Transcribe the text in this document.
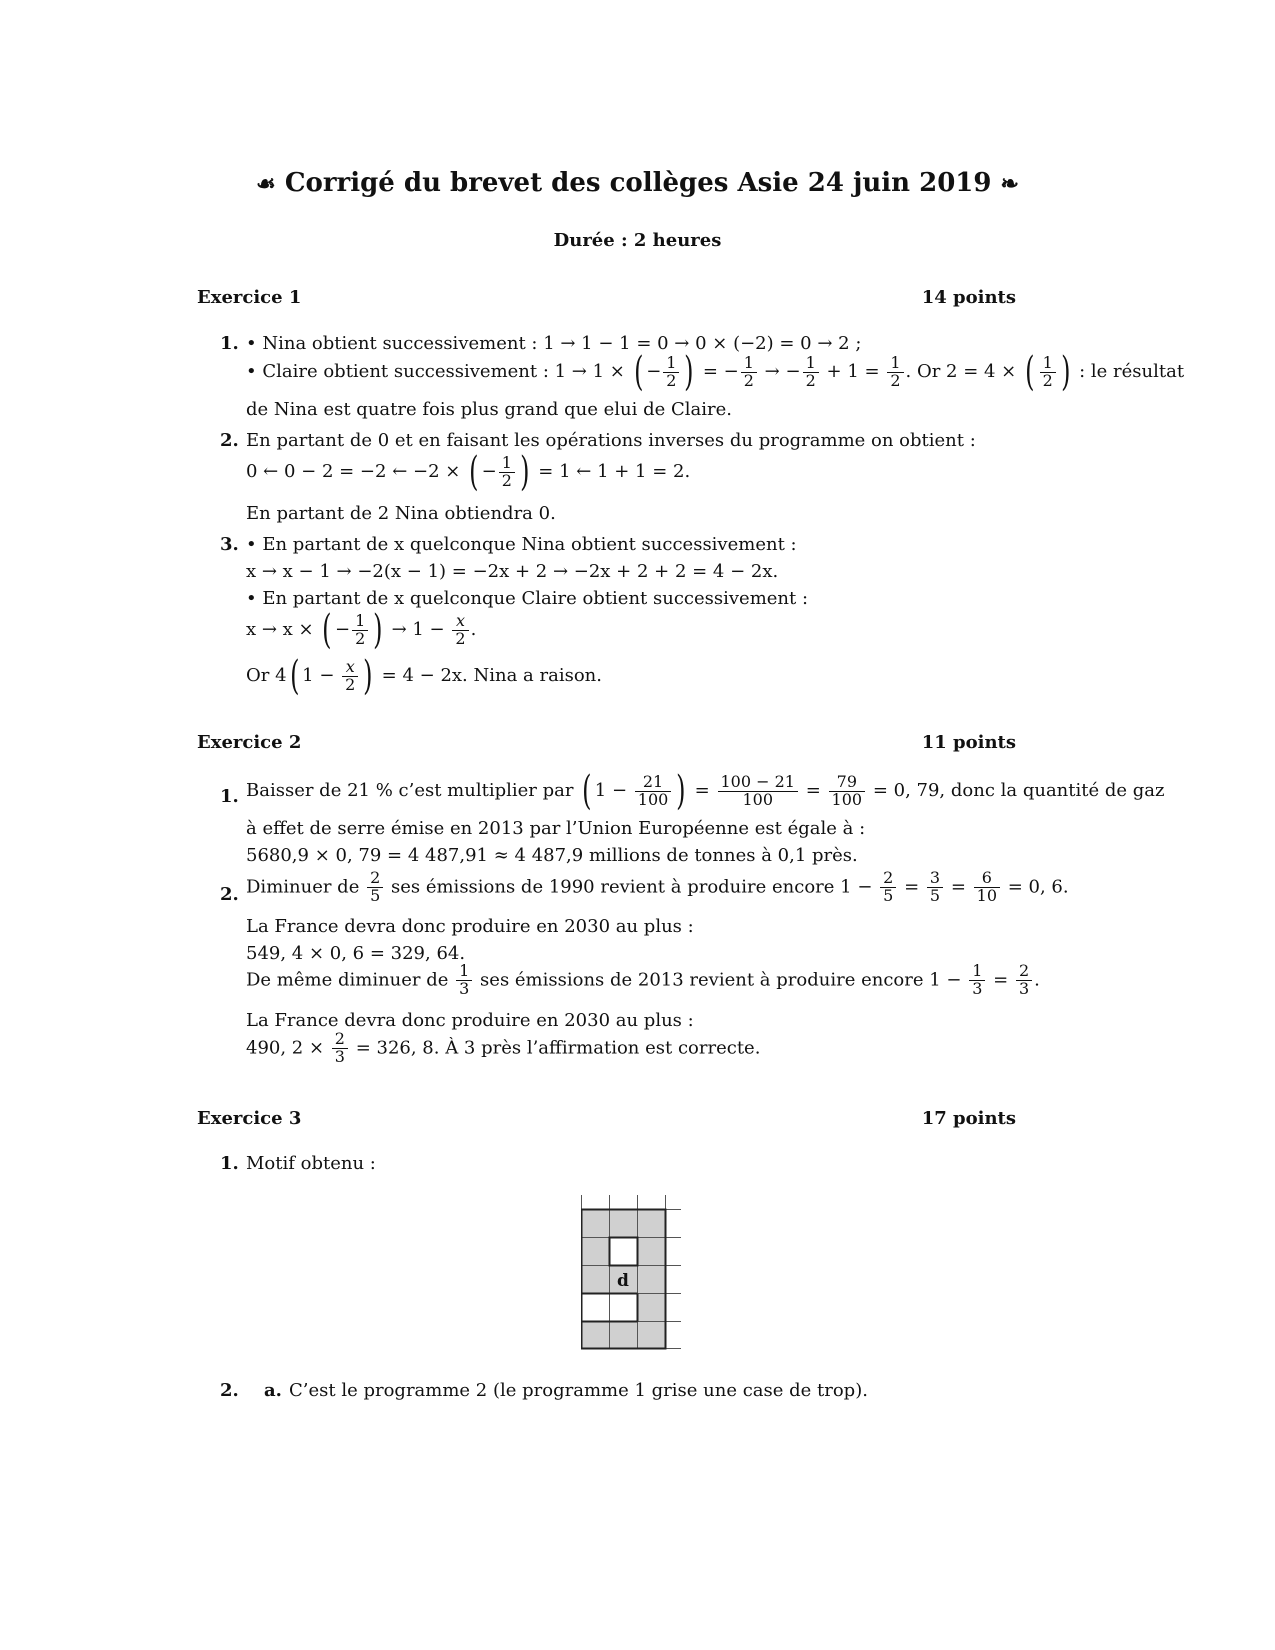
☙ Corrigé du brevet des collèges Asie 24 juin 2019 ❧
Durée : 2 heures
Exercice 1	14 points
1. • Nina obtient successivement : 1 → 1 − 1 = 0 → 0 × (−2) = 0 → 2 ;
• Claire obtient successivement : 1 → 1 × ( − $\frac{1}{2}$ ) = − $\frac{1}{2}$ → − $\frac{1}{2} + 1 = \frac{1}{2}$ . Or 2 = 4 × ( $\frac{1}{2}$ ) : le résultat
de Nina est quatre fois plus grand que elui de Claire.
2. En partant de 0 et en faisant les opérations inverses du programme on obtient :
0 ← 0 − 2 = −2 ← −2 × ( − $\frac{1}{2}$ ) = 1 ← 1 + 1 = 2.
En partant de 2 Nina obtiendra 0.
3. • En partant de x quelconque Nina obtient successivement :
x → x − 1 → −2(x − 1) = −2x + 2 → −2x + 2 + 2 = 4 − 2x.
• En partant de x quelconque Claire obtient successivement :
x → x × ( − $\frac{1}{2}$ ) → $1 - \frac{x}{2}$ .
Or 4( $1 - \frac{x}{2}$ ) = 4 − 2x. Nina a raison.
Exercice 2	11 points
1. Baisser de 21 % c’est multiplier par ( $1 - \frac{21}{100}$ ) = $\frac{100 - 21}{100} = \frac{79}{100} = 0$, 79, donc la quantité de gaz
à effet de serre émise en 2013 par l’Union Européenne est égale à :
5680,9 × 0, 79 = 4 487,91 ≈ 4 487,9 millions de tonnes à 0,1 près.
2. Diminuer de $\frac{2}{5}$ ses émissions de 1990 revient à produire encore $1 - \frac{2}{5} = \frac{3}{5} = \frac{6}{10} = 0$, 6.
La France devra donc produire en 2030 au plus :
549, 4 × 0, 6 = 329, 64.
De même diminuer de $\frac{1}{3}$ ses émissions de 2013 revient à produire encore $1 - \frac{1}{3} = \frac{2}{3}$ .
La France devra donc produire en 2030 au plus :
490, $2 \times \frac{2}{3} = 326$, 8. À 3 près l’affirmation est correcte.
Exercice 3	17 points
1. Motif obtenu :
d
2. a. C’est le programme 2 (le programme 1 grise une case de trop).
